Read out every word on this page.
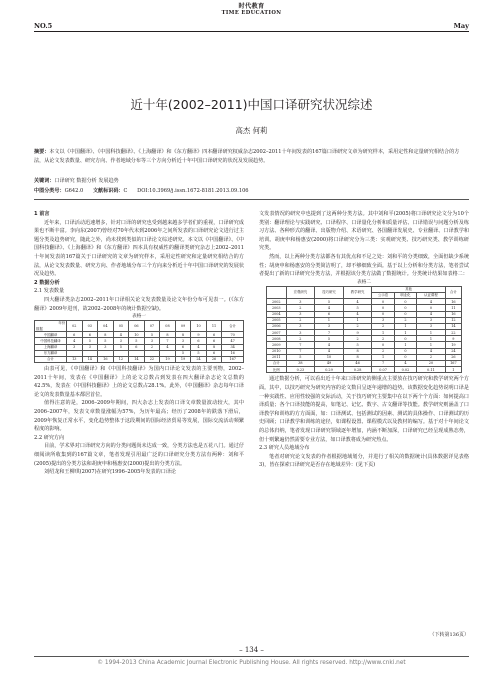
时代教育
TIME EDUCATION
NO.5	May
近十年(2002–2011)中国口译研究状况综述
高杰 何莉
摘要：本文以《中国翻译》、《中国科技翻译》、《上海翻译》和《东方翻译》四本翻译研究权威杂志2002–2011十年间发表的167篇口译研究文章为研究样本，采用定性和定量研究相结合的方法，从论文发表数量、研究方向、作者地域分布等三个方向分析近十年中国口译研究的状况及发展趋势。
关键词：口译研究 数据分析 发展趋势
中图分类号：G642.0 文献标识码：C DOI:10.3969/j.issn.1672-8181.2013.09.106

1 前言

近年来，口译活动迅速增多，针对口译的研究也受到越来越多学者们的重视，口译研究成果也不断丰富。李向东(2007)曾经对70年代末到2006年之间所发表的口译研究论文进行过主题分类及趋势研究，随此之外，尚未找到类似的口译论文综述研究。本文以《中国翻译》、《中国科技翻译》、《上海翻译》和《东方翻译》四本具有权威性的翻译类研究杂志上2002–2011十年间发表的167篇关于口译研究的文章为研究样本，采用定性研究和定量研究相结合的方法，从论文发表数量、研究方向、作者地域分布三个方向来分析近十年中国口译研究的发展状况及趋势。

2 数据分析

2.1 发表数量

四大翻译类杂志2002–2011年口译相关论文发表数量及论文年份分布可见表一。(《东方翻译》2009年进刊，故2002–2008年的统计数据空缺)。

表格一
年份
数据	02	03	04	05	06	07	08	09	10	11	合计
中国翻译	6	6	8	4	10	5	8	8	9	6	70
中国科技翻译	4	5	5	3	5	3	7	3	6	6	47
上海翻译	3	3	3	5	6	2	4	6	4	8	34
东方翻译								5	5	6	16
合计	13	14	16	12	14	22	19	19	24	26	167

由表可见，《中国翻译》和《中国科技翻译》为国内口译论文发表的主要刊物，2002–2011十年间，发表在《中国翻译》上的论文总数占到发表在四大翻译杂志论文总数的42.5%，发表在《中国科技翻译》上的论文总数占28.1%。此外，《中国翻译》杂志每年口译论文的发表数量基本都居首位。

值得注意的是，2006–2009年期间，四大杂志上发表的口译文章数量波动较大，其中2006–2007年，发表文章数量涨幅为57%，为历年最高；经历了2008年的跌落下滑后，2009年恢复正常水平，变化趋势整体于这段期间的国际经济贸易等发展，国际交流活动频繁程度的影响。

2.2 研究方向

目前，学术界对口译研究方向的分类问题尚未达成一致，分类方法也是五花八门。通过仔细阅读所收集到的167篇文章，笔者发现引用最广泛的口译研究分类方法有两种：刘和平(2005)提出的分类方法和胡庚申和杨惠安(2000)提出的分类方法。

刘绍龙和王柳琪(2007)在研究1996–2005年发表的口译论

文发表情况的研究中也提到了这两种分类方法。其中刘和平(2005)将口译研究论文分为10个类别：翻译理论与实践研究、口译程序、口译量化分析和质量评估、口译错误与问题分析及练习方法、各种形式的翻译、出版物介绍、术语研究、各国翻译发展史、专业翻译、口译教学和培训。胡庚申和杨惠安(2000)将口译研究分为三类：实观研究类、技巧研究类、教学训练研究类。

然而，以上两种分类方法都各有其优点和不足之处：刘和平的分类细致，全面但缺少系统性；胡庚申和杨惠安的分类简洁明了，却不够细致全面。基于以上分析和分类方法，笔者尝试者提出了新的口译研究分类方法，并根据该分类方法做了数据统计。分类统计结果如表格二：

表格二
	宏观研究	技巧研究	教学研究	其他			合计
				公示语	职业化	认证课程	
2002	3	5	4	0	0	4	16
2003	2	4	5	0	0	0	11
2004	3	6	4	0	0	4	16
2005	2	1	1	3	2	3	12
2006	3	3	2	2	1	3	14
2007	3	7	9	1	1	1	22
2008	2	5	2	2	0	1	9
2009	7	4	5	0	1	1	19
2010	7	4	8	2	0	4	24
2011	5	10	8	1	0	2	26
合计	38	49	46	7	4	20	167
比例	0.23	0.29	0.28	0.07	0.02	0.11	1

通过数据分析，可以看出近十年来口译研究的侧重点主要放在技巧研究和教学研究两个方面。其中，以技巧研究为研究内容的论文数目呈逐年递增的趋势。该数据变化趋势说明口译是一种实践性、应用性较强的交际活动，关于技巧研究主要集中在以下两个个方面：如何提高口译质量；各个口译技能的提高，如笔记、记忆、数字、古文翻译等技能。教学研究则涵盖了口译教学和训练的方方面面，如：口译测试、包括测试的因素、测试的具体操作、口译测试的历史回顾；口译教学和训练的途径，如课程设置、课程模式以及教材的编写。基于对十年间论文的总体归纳，笔者发现口译研究领域逐年增加，内涵不断加深，口译研究已经呈现成熟态势，但十则繁遍仍然需要专业方法，如口译教将成为研究热点。

2.3 研究人员地域分布

笔者对研究论文发表的作者根据地域划分，并进行了相关的数据统计(具体数据详见表格3)，皆在探索口译研究是否存在地域差异：(见下页)

（下转第136页）
– 134 –
© 1994-2013 China Academic Journal Electronic Publishing House. All rights reserved. http://www.cnki.net
